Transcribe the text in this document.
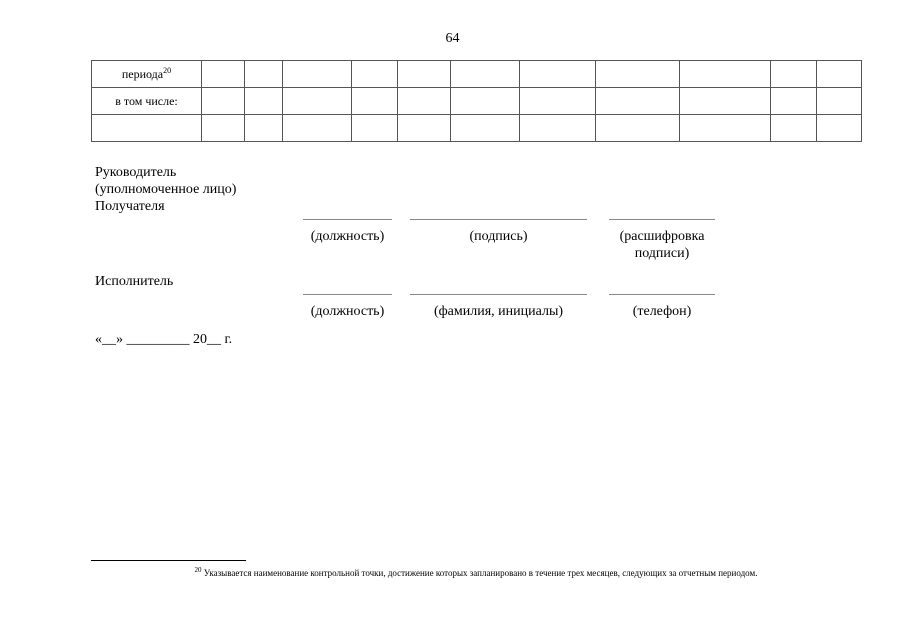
64
периода$^{20}$											
в том числе:											

Руководитель
(уполномоченное лицо)
Получателя
(должность)	(подпись)	(расшифровка
подписи)
Исполнитель
(должность)	(фамилия, инициалы)	(телефон)
«__» _________ 20__ г.
$^{20}$ Указывается наименование контрольной точки, достижение которых запланировано в течение трех месяцев, следующих за отчетным периодом.
